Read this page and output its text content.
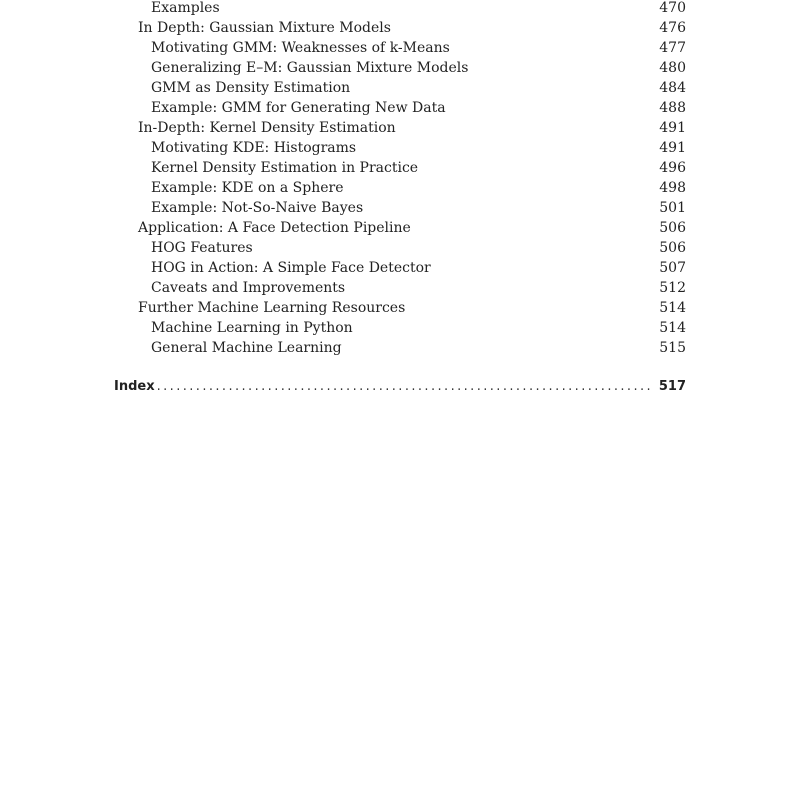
Examples	470
In Depth: Gaussian Mixture Models	476
Motivating GMM: Weaknesses of k-Means	477
Generalizing E–M: Gaussian Mixture Models	480
GMM as Density Estimation	484
Example: GMM for Generating New Data	488
In-Depth: Kernel Density Estimation	491
Motivating KDE: Histograms	491
Kernel Density Estimation in Practice	496
Example: KDE on a Sphere	498
Example: Not-So-Naive Bayes	501
Application: A Face Detection Pipeline	506
HOG Features	506
HOG in Action: A Simple Face Detector	507
Caveats and Improvements	512
Further Machine Learning Resources	514
Machine Learning in Python	514
General Machine Learning	515
Index .....	517
